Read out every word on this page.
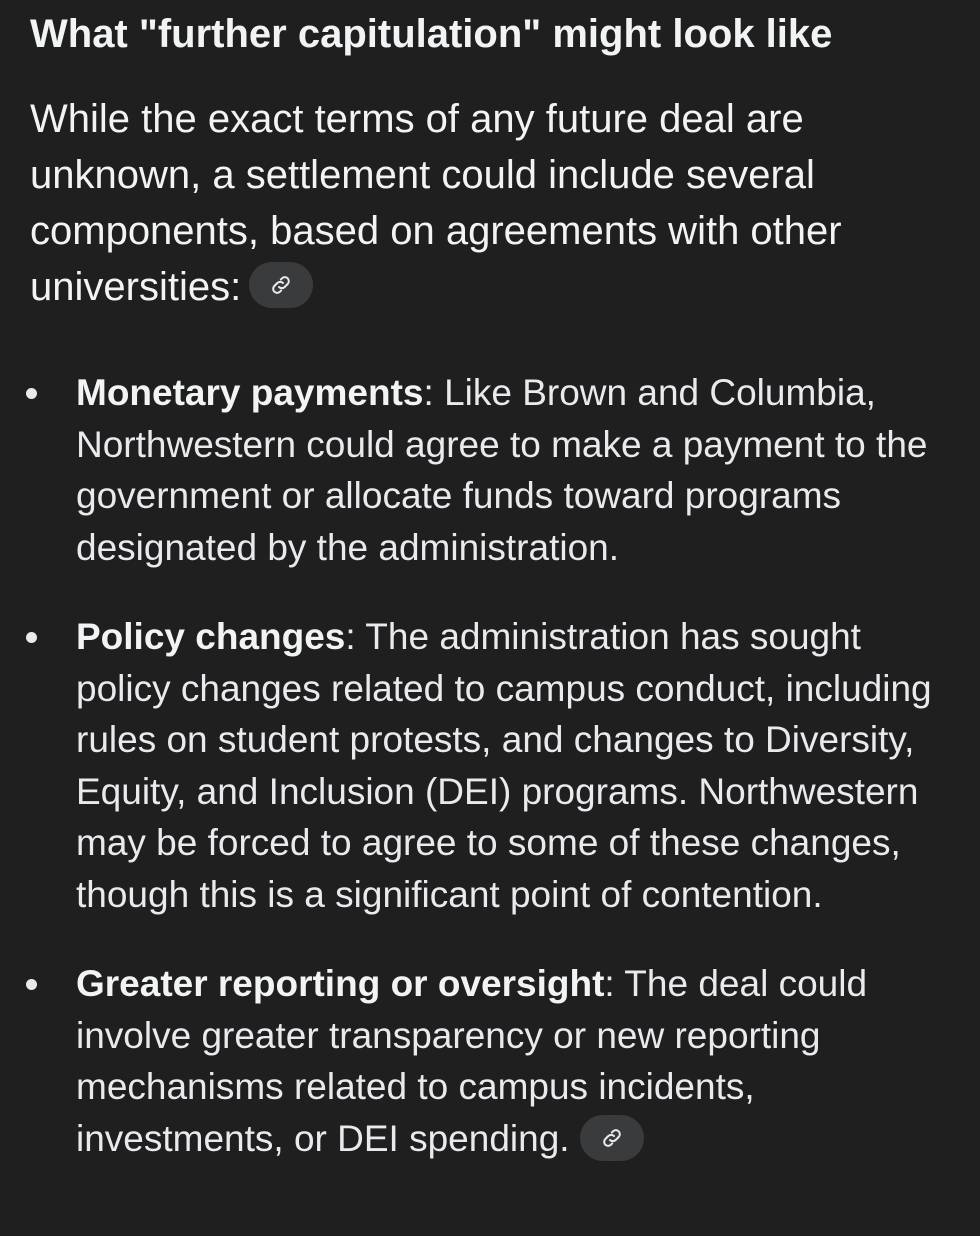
What "further capitulation" might look like

While the exact terms of any future deal are unknown, a settlement could include several components, based on agreements with other universities:

Monetary payments: Like Brown and Columbia, Northwestern could agree to make a payment to the government or allocate funds toward programs designated by the administration.
Policy changes: The administration has sought policy changes related to campus conduct, including rules on student protests, and changes to Diversity, Equity, and Inclusion (DEI) programs. Northwestern may be forced to agree to some of these changes, though this is a significant point of contention.
Greater reporting or oversight: The deal could involve greater transparency or new reporting mechanisms related to campus incidents, investments, or DEI spending.
